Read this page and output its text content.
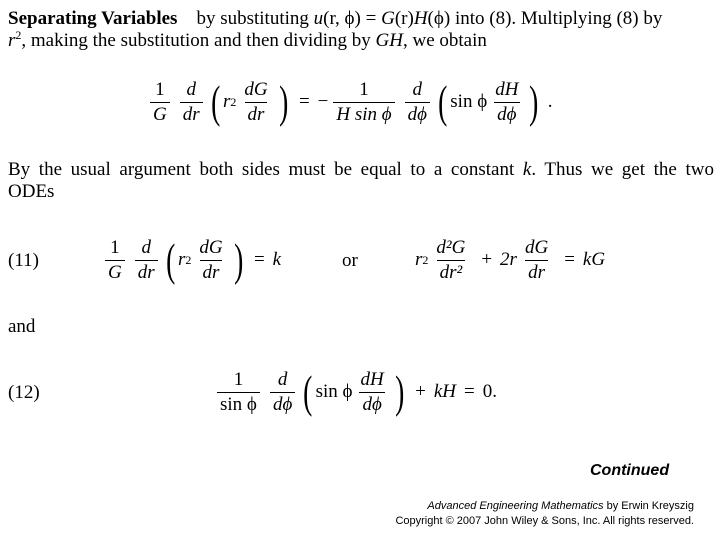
Separating Variables by substituting u(r, ϕ) = G(r)H(ϕ) into (8). Multiplying (8) by
$r^2$, making the substitution and then dividing by GH, we obtain
$\frac{1}{G} \frac{d}{dr}$ ( r $2 \frac{dG}{dr}$ ) = − $\frac{1}{\text{H sin ϕ}} \frac{d}{d\phi}$ ( sin ϕ $\frac{dH}{d\phi}$ ) .
By the usual argument both sides must be equal to a constant k. Thus we get the two
ODEs
(11)	$\frac{1}{G} \frac{d}{dr}$ ( r $2 \frac{dG}{dr}$ ) = k	or	r $2 \frac{\text{d²G}}{\text{dr²}} + 2r \frac{dG}{dr}$ = kG
and
(12)	$\frac{1}{\text{sin ϕ}} \frac{d}{d\phi}$ ( sin ϕ $\frac{dH}{d\phi}$ ) + kH = 0.
Continued
Advanced Engineering Mathematics by Erwin Kreyszig
Copyright © 2007 John Wiley & Sons, Inc. All rights reserved.
